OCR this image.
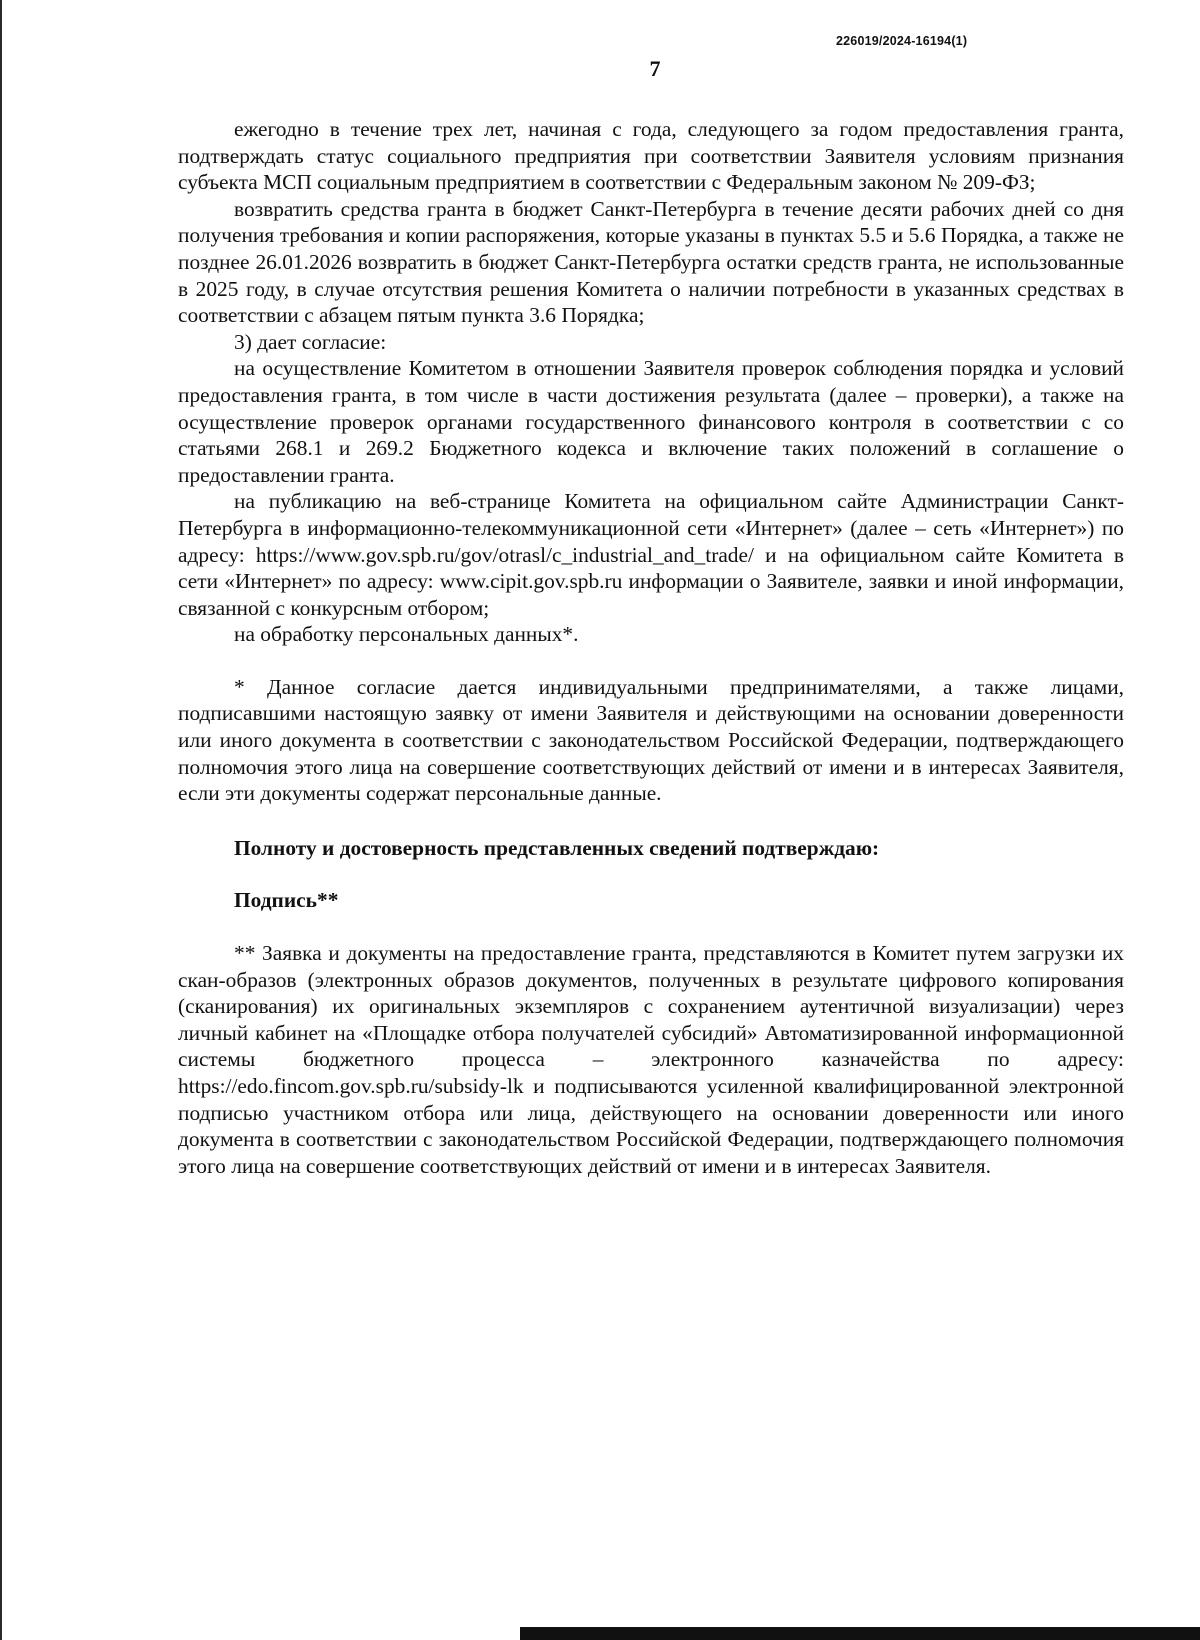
226019/2024-16194(1)
7

ежегодно в течение трех лет, начиная с года, следующего за годом предоставления гранта, подтверждать статус социального предприятия при соответствии Заявителя условиям признания субъекта МСП социальным предприятием в соответствии с Федеральным законом № 209-ФЗ;

возвратить средства гранта в бюджет Санкт-Петербурга в течение десяти рабочих дней со дня получения требования и копии распоряжения, которые указаны в пунктах 5.5 и 5.6 Порядка, а также не позднее 26.01.2026 возвратить в бюджет Санкт-Петербурга остатки средств гранта, не использованные в 2025 году, в случае отсутствия решения Комитета о наличии потребности в указанных средствах в соответствии с абзацем пятым пункта 3.6 Порядка;

3) дает согласие:

на осуществление Комитетом в отношении Заявителя проверок соблюдения порядка и условий предоставления гранта, в том числе в части достижения результата (далее – проверки), а также на осуществление проверок органами государственного финансового контроля в соответствии с со статьями 268.1 и 269.2 Бюджетного кодекса и включение таких положений в соглашение о предоставлении гранта.

на публикацию на веб-странице Комитета на официальном сайте Администрации Санкт-Петербурга в информационно-телекоммуникационной сети «Интернет» (далее – сеть «Интернет») по адресу: https://www.gov.spb.ru/gov/otrasl/c_industrial_and_trade/ и на официальном сайте Комитета в сети «Интернет» по адресу: www.cipit.gov.spb.ru информации о Заявителе, заявки и иной информации, связанной с конкурсным отбором;

на обработку персональных данных*.

* Данное согласие дается индивидуальными предпринимателями, а также лицами, подписавшими настоящую заявку от имени Заявителя и действующими на основании доверенности или иного документа в соответствии с законодательством Российской Федерации, подтверждающего полномочия этого лица на совершение соответствующих действий от имени и в интересах Заявителя, если эти документы содержат персональные данные.

Полноту и достоверность представленных сведений подтверждаю:

Подпись**

** Заявка и документы на предоставление гранта, представляются в Комитет путем загрузки их скан-образов (электронных образов документов, полученных в результате цифрового копирования (сканирования) их оригинальных экземпляров с сохранением аутентичной визуализации) через личный кабинет на «Площадке отбора получателей субсидий» Автоматизированной информационной системы бюджетного процесса – электронного казначейства по адресу: https://edo.fincom.gov.spb.ru/subsidy-lk и подписываются усиленной квалифицированной электронной подписью участником отбора или лица, действующего на основании доверенности или иного документа в соответствии с законодательством Российской Федерации, подтверждающего полномочия этого лица на совершение соответствующих действий от имени и в интересах Заявителя.
